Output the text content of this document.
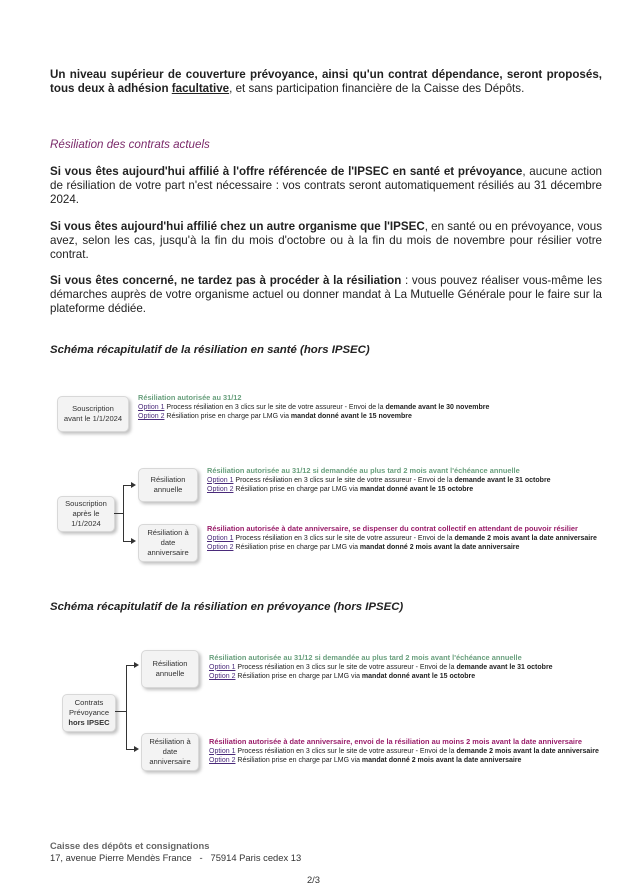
Un niveau supérieur de couverture prévoyance, ainsi qu'un contrat dépendance, seront proposés, tous deux à adhésion facultative, et sans participation financière de la Caisse des Dépôts.
Résiliation des contrats actuels
Si vous êtes aujourd'hui affilié à l'offre référencée de l'IPSEC en santé et prévoyance, aucune action de résiliation de votre part n'est nécessaire : vos contrats seront automatiquement résiliés au 31 décembre 2024.
Si vous êtes aujourd'hui affilié chez un autre organisme que l'IPSEC, en santé ou en prévoyance, vous avez, selon les cas, jusqu'à la fin du mois d'octobre ou à la fin du mois de novembre pour résilier votre contrat.
Si vous êtes concerné, ne tardez pas à procéder à la résiliation : vous pouvez réaliser vous-même les démarches auprès de votre organisme actuel ou donner mandat à La Mutuelle Générale pour le faire sur la plateforme dédiée.
Schéma récapitulatif de la résiliation en santé (hors IPSEC)
Souscription
avant le 1/1/2024
Résiliation autorisée au 31/12
Option 1 Process résiliation en 3 clics sur le site de votre assureur - Envoi de la demande avant le 30 novembre
Option 2 Résiliation prise en charge par LMG via mandat donné avant le 15 novembre
Souscription
après le 1/1/2024
Résiliation annuelle
Résiliation à date
anniversaire
Résiliation autorisée au 31/12 si demandée au plus tard 2 mois avant l'échéance annuelle
Option 1 Process résiliation en 3 clics sur le site de votre assureur - Envoi de la demande avant le 31 octobre
Option 2 Résiliation prise en charge par LMG via mandat donné avant le 15 octobre
Résiliation autorisée à date anniversaire, se dispenser du contrat collectif en attendant de pouvoir résilier
Option 1 Process résiliation en 3 clics sur le site de votre assureur - Envoi de la demande 2 mois avant la date anniversaire
Option 2 Résiliation prise en charge par LMG via mandat donné 2 mois avant la date anniversaire
Schéma récapitulatif de la résiliation en prévoyance (hors IPSEC)
Contrats
Prévoyance
hors IPSEC
Résiliation annuelle
Résiliation à date
anniversaire
Résiliation autorisée au 31/12 si demandée au plus tard 2 mois avant l'échéance annuelle
Option 1 Process résiliation en 3 clics sur le site de votre assureur - Envoi de la demande avant le 31 octobre
Option 2 Résiliation prise en charge par LMG via mandat donné avant le 15 octobre
Résiliation autorisée à date anniversaire, envoi de la résiliation au moins 2 mois avant la date anniversaire
Option 1 Process résiliation en 3 clics sur le site de votre assureur - Envoi de la demande 2 mois avant la date anniversaire
Option 2 Résiliation prise en charge par LMG via mandat donné 2 mois avant la date anniversaire
Caisse des dépôts et consignations
17, avenue Pierre Mendès France   -   75914 Paris cedex 13
2/3
